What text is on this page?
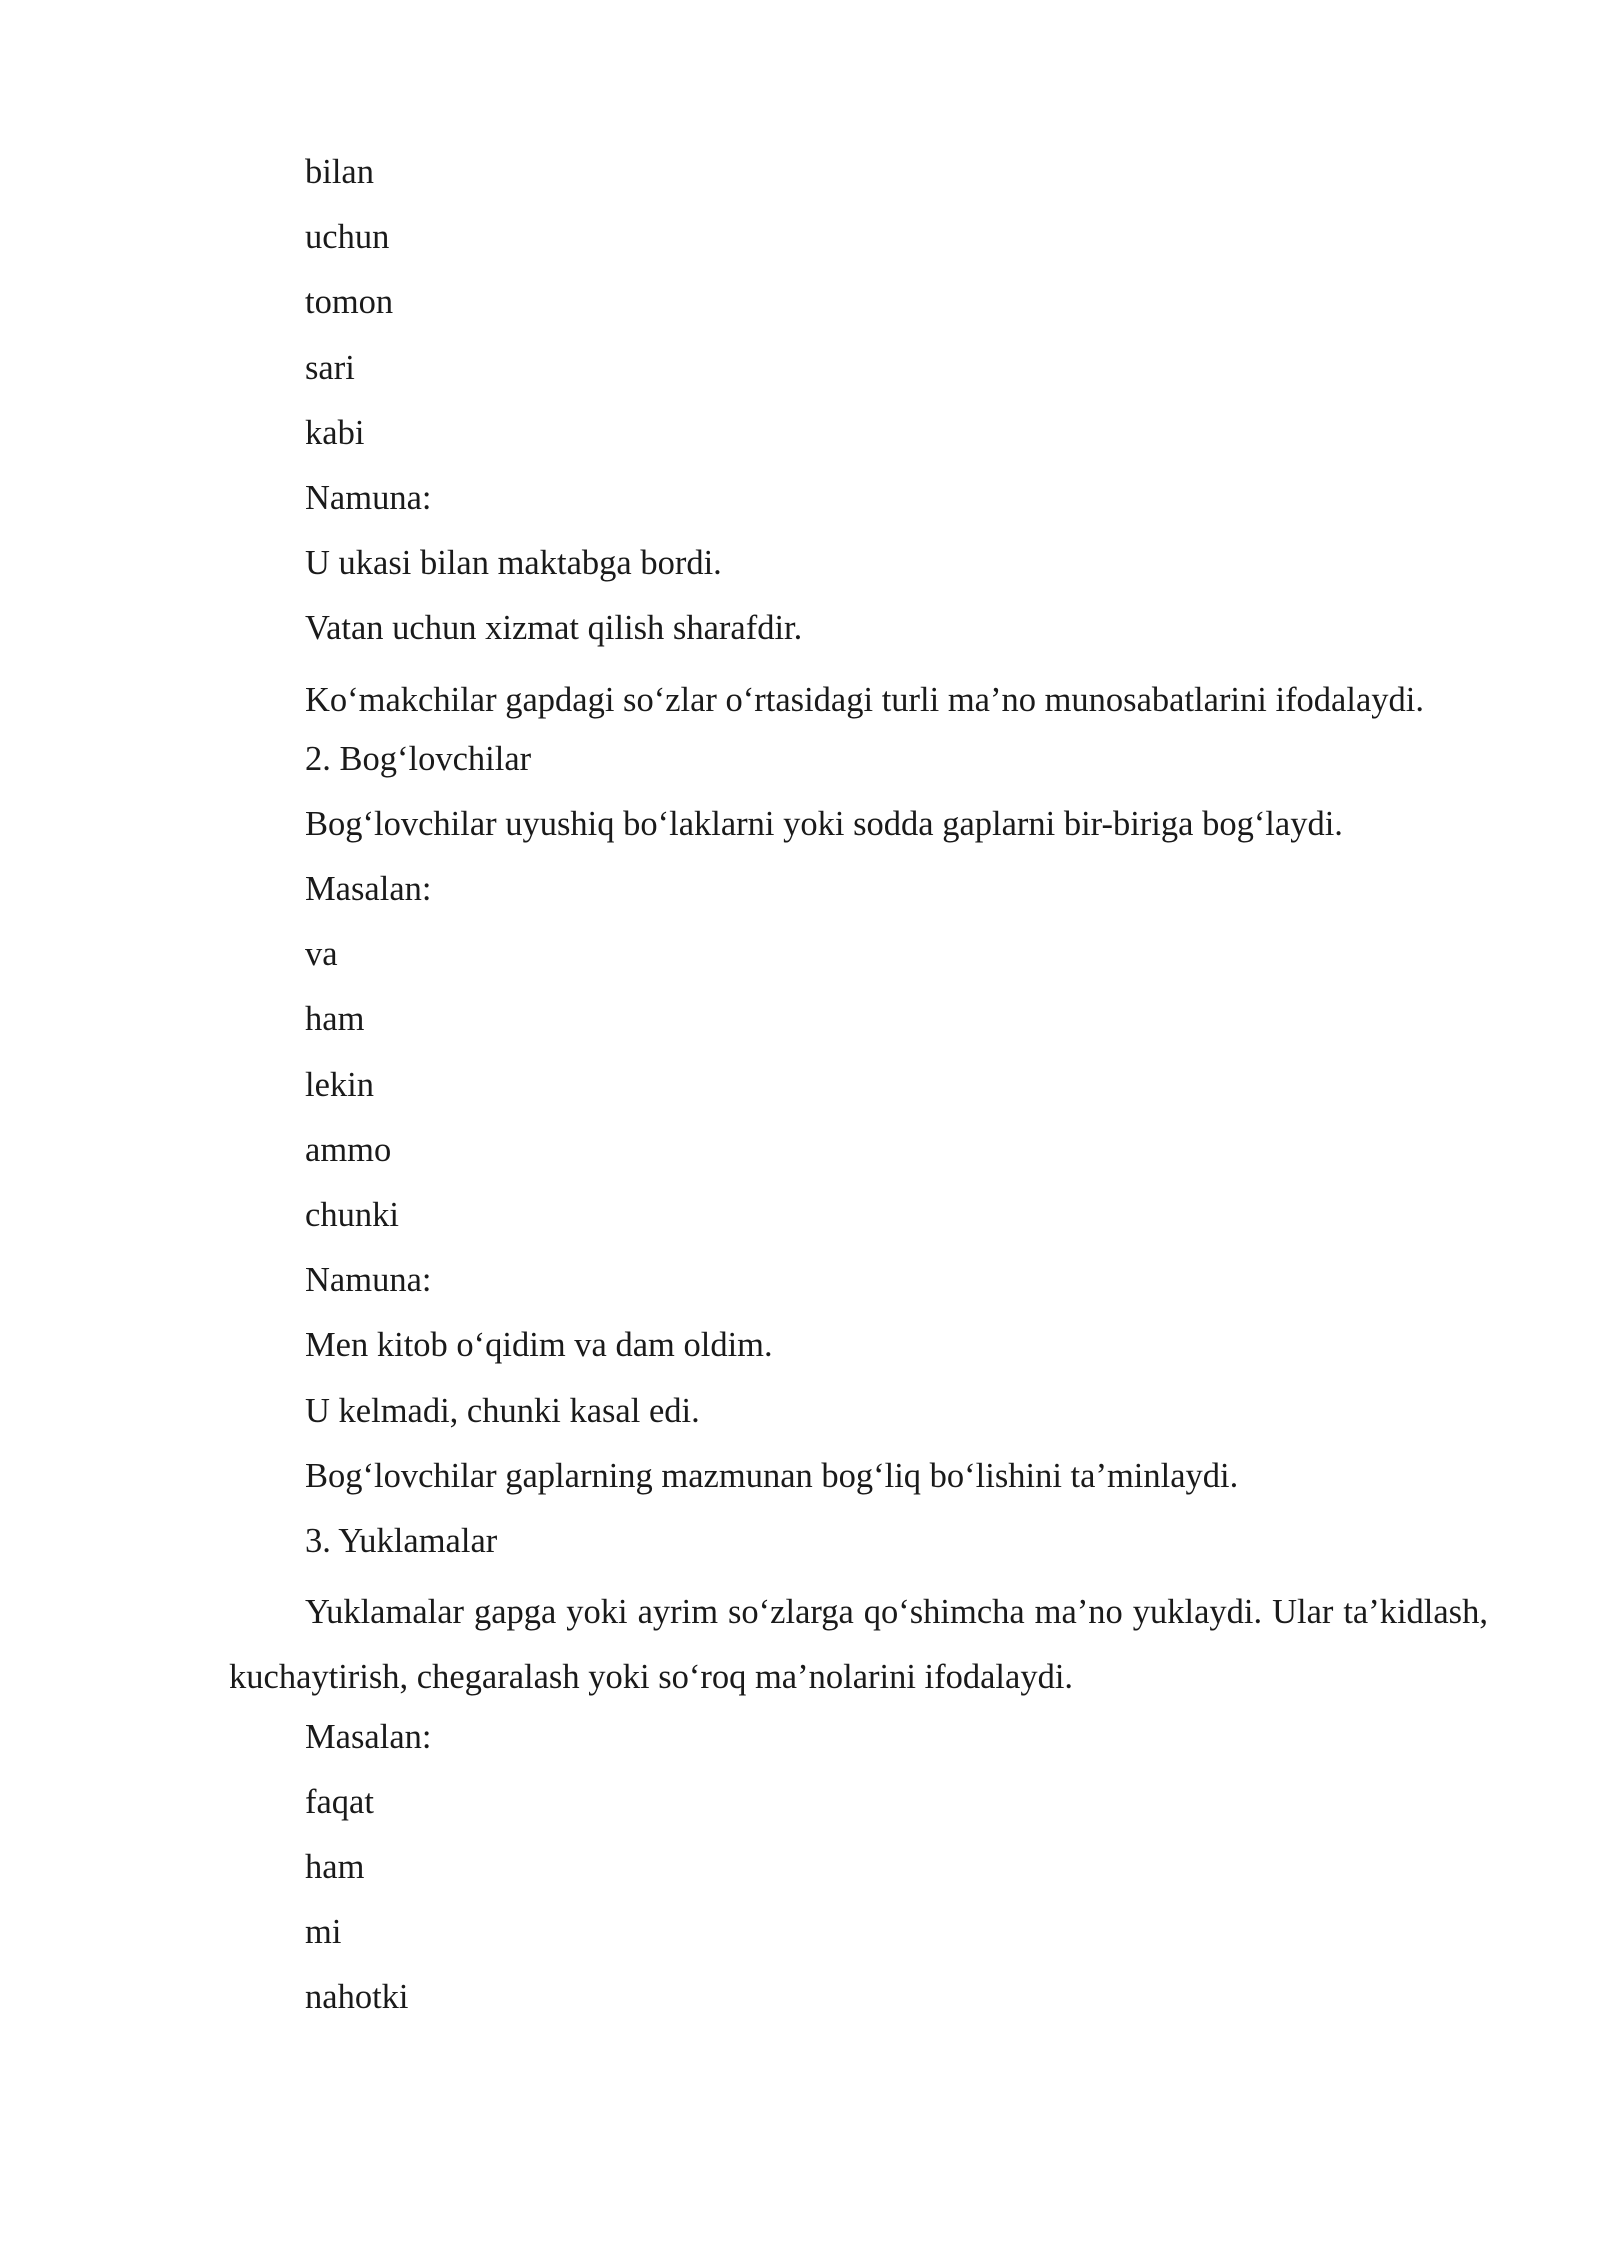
bilan
uchun
tomon
sari
kabi
Namuna:
U ukasi bilan maktabga bordi.
Vatan uchun xizmat qilish sharafdir.

Ko‘makchilar gapdagi so‘zlar o‘rtasidagi turli ma’no munosabatlarini ifodalaydi.

2. Bog‘lovchilar
Bog‘lovchilar uyushiq bo‘laklarni yoki sodda gaplarni bir-biriga bog‘laydi.
Masalan:
va
ham
lekin
ammo
chunki
Namuna:
Men kitob o‘qidim va dam oldim.
U kelmadi, chunki kasal edi.
Bog‘lovchilar gaplarning mazmunan bog‘liq bo‘lishini ta’minlaydi.
3. Yuklamalar

Yuklamalar gapga yoki ayrim so‘zlarga qo‘shimcha ma’no yuklaydi. Ular ta’kidlash, kuchaytirish, chegaralash yoki so‘roq ma’nolarini ifodalaydi.

Masalan:
faqat
ham
mi
nahotki
